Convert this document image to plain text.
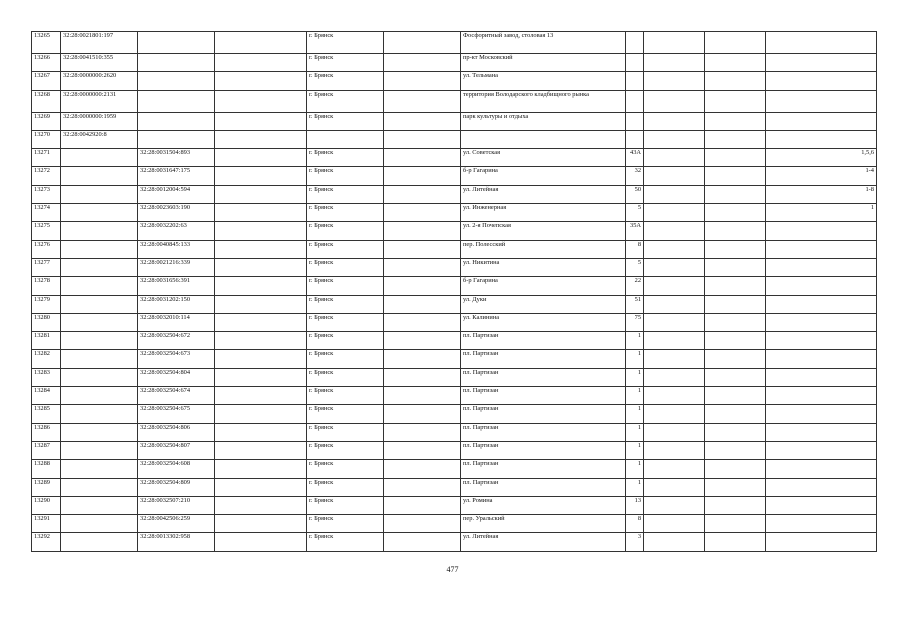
13265	32:28:0021801:197			г. Брянск		Фосфоритный завод, столовая 13				
13266	32:28:0041510:355			г. Брянск		пр-кт Московский				
13267	32:28:0000000:2620			г. Брянск		ул. Тельмана				
13268	32:28:0000000:2131			г. Брянск		территория Володарского кладбищного рынка				
13269	32:28:0000000:1959			г. Брянск		парк культуры и отдыха				
13270	32:28:0042920:8									
13271		32:28:0031504:893		г. Брянск		ул. Советская	43А			1,5,6
13272		32:28:0031647:175		г. Брянск		б-р Гагарина	32			1-4
13273		32:28:0012004:594		г. Брянск		ул. Литейная	50			1-8
13274		32:28:0023603:190		г. Брянск		ул. Инженерная	5			1
13275		32:28:0032202:63		г. Брянск		ул. 2-я Почепская	35А			
13276		32:28:0040845:133		г. Брянск		пер. Полесский	8			
13277		32:28:0021216:339		г. Брянск		ул. Никитина	5			
13278		32:28:0031656:391		г. Брянск		б-р Гагарина	22			
13279		32:28:0031202:150		г. Брянск		ул. Дуки	51			
13280		32:28:0032010:114		г. Брянск		ул. Калинина	75			
13281		32:28:0032504:672		г. Брянск		пл. Партизан	1			
13282		32:28:0032504:673		г. Брянск		пл. Партизан	1			
13283		32:28:0032504:804		г. Брянск		пл. Партизан	1			
13284		32:28:0032504:674		г. Брянск		пл. Партизан	1			
13285		32:28:0032504:675		г. Брянск		пл. Партизан	1			
13286		32:28:0032504:806		г. Брянск		пл. Партизан	1			
13287		32:28:0032504:807		г. Брянск		пл. Партизан	1			
13288		32:28:0032504:608		г. Брянск		пл. Партизан	1			
13289		32:28:0032504:809		г. Брянск		пл. Партизан	1			
13290		32:28:0032507:210		г. Брянск		ул. Ромина	13			
13291		32:28:0042506:259		г. Брянск		пер. Уральский	8			
13292		32:28:0013302:958		г. Брянск		ул. Литейная	3			
477
